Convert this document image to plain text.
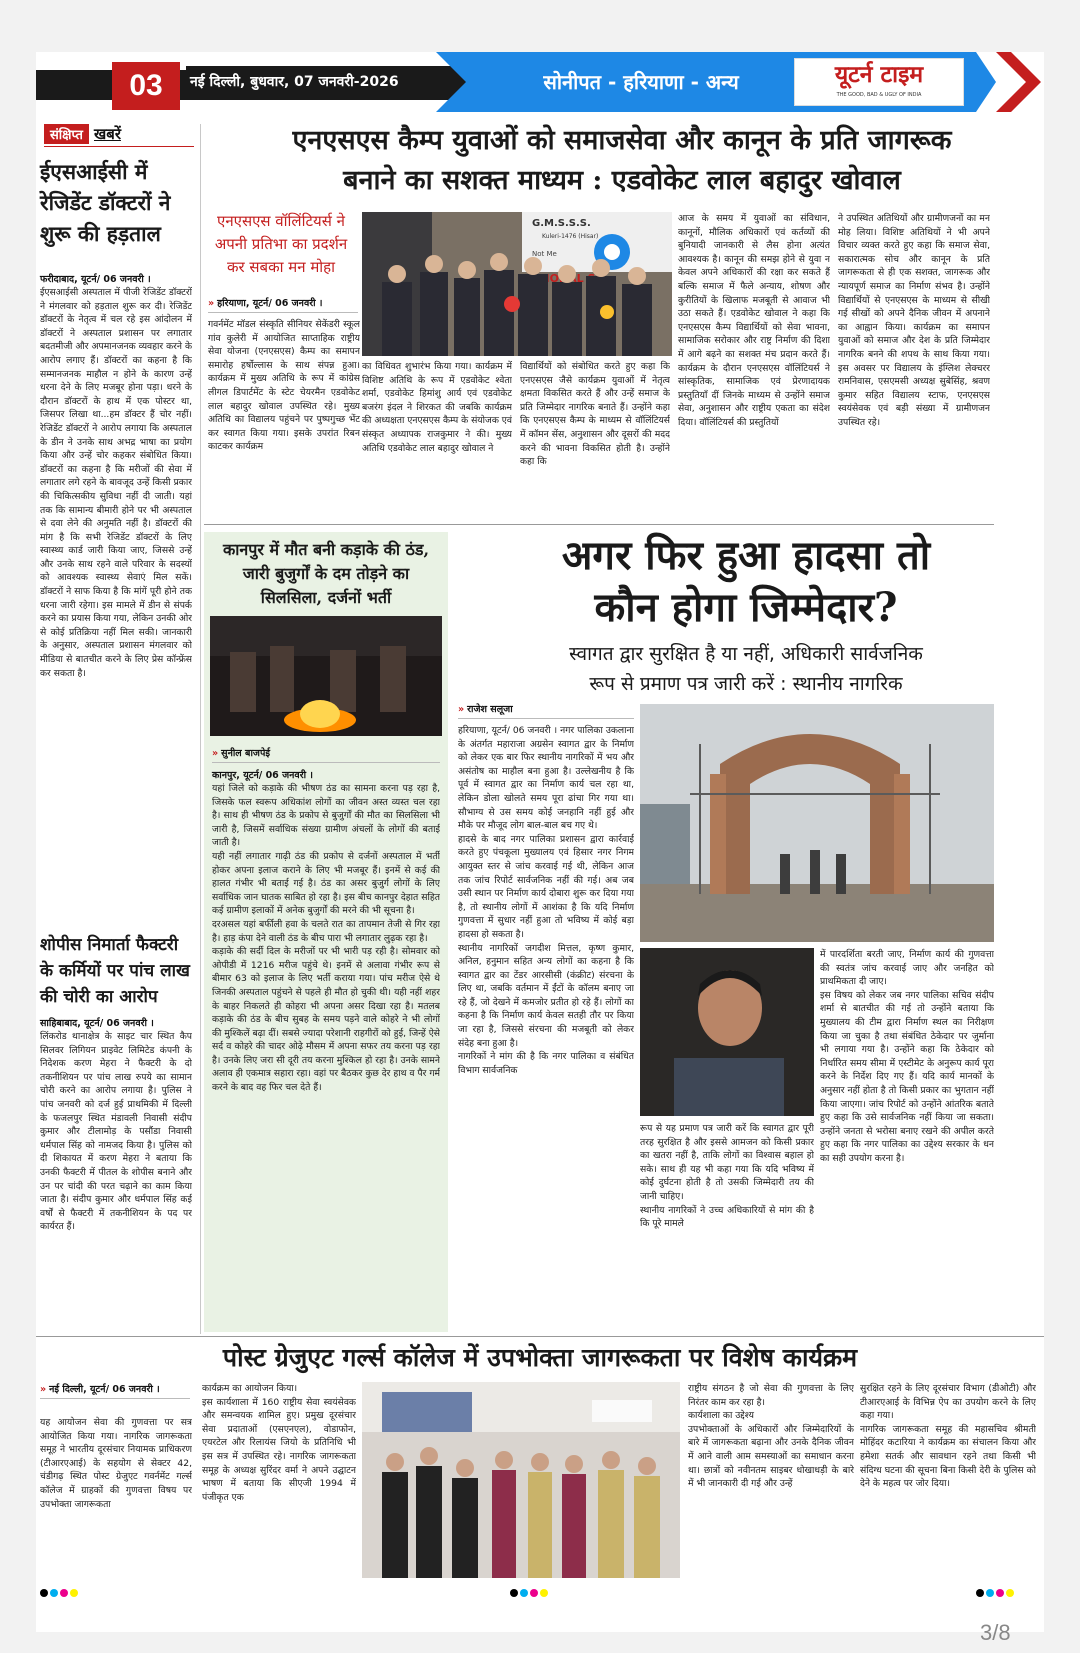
03	नई दिल्ली, बुधवार, 07 जनवरी-2026	सोनीपत - हरियाणा - अन्य	यूटर्न टाइम
THE GOOD, BAD & UGLY OF INDIA
संक्षिप्त खबरें
ईएसआईसी में रेजिडेंट डॉक्टरों ने शुरू की हड़ताल
फरीदाबाद, यूटर्न/ 06 जनवरी ।
ईएसआईसी अस्पताल में पीजी रेजिडेंट डॉक्टरों ने मंगलवार को हड़ताल शुरू कर दी। रेजिडेंट डॉक्टरों के नेतृत्व में चल रहे इस आंदोलन में डॉक्टरों ने अस्पताल प्रशासन पर लगातार बदतमीजी और अपमानजनक व्यवहार करने के आरोप लगाए हैं। डॉक्टरों का कहना है कि सम्मानजनक माहौल न होने के कारण उन्हें धरना देने के लिए मजबूर होना पड़ा। धरने के दौरान डॉक्टरों के हाथ में एक पोस्टर था, जिसपर लिखा था...हम डॉक्टर हैं चोर नहीं। रेजिडेंट डॉक्टरों ने आरोप लगाया कि अस्पताल के डीन ने उनके साथ अभद्र भाषा का प्रयोग किया और उन्हें चोर कहकर संबोधित किया। डॉक्टरों का कहना है कि मरीजों की सेवा में लगातार लगे रहने के बावजूद उन्हें किसी प्रकार की चिकित्सकीय सुविधा नहीं दी जाती। यहां तक कि सामान्य बीमारी होने पर भी अस्पताल से दवा लेने की अनुमति नहीं है। डॉक्टरों की मांग है कि सभी रेजिडेंट डॉक्टरों के लिए स्वास्थ्य कार्ड जारी किया जाए, जिससे उन्हें और उनके साथ रहने वाले परिवार के सदस्यों को आवश्यक स्वास्थ्य सेवाएं मिल सकें। डॉक्टरों ने साफ किया है कि मांगें पूरी होने तक धरना जारी रहेगा। इस मामले में डीन से संपर्क करने का प्रयास किया गया, लेकिन उनकी ओर से कोई प्रतिक्रिया नहीं मिल सकी। जानकारी के अनुसार, अस्पताल प्रशासन मंगलवार को मीडिया से बातचीत करने के लिए प्रेस कॉन्फ्रेंस कर सकता है।
शोपीस निमार्ता फैक्टरी के कर्मियों पर पांच लाख की चोरी का आरोप
साहिबाबाद, यूटर्न/ 06 जनवरी ।
लिंकरोड थानाक्षेत्र के साइट चार स्थित कैप सिलवर लिगियन प्राइवेट लिमिटेड कंपनी के निदेशक करण मेहरा ने फैक्टरी के दो तकनीशियन पर पांच लाख रुपये का सामान चोरी करने का आरोप लगाया है। पुलिस ने पांच जनवरी को दर्ज हुई प्राथमिकी में दिल्ली के फजलपुर स्थित मंडावली निवासी संदीप कुमार और टीलामोड़ के पसौंडा निवासी धर्मपाल सिंह को नामजद किया है। पुलिस को दी शिकायत में करण मेहरा ने बताया कि उनकी फैक्टरी में पीतल के शोपीस बनाने और उन पर चांदी की परत चढ़ाने का काम किया जाता है। संदीप कुमार और धर्मपाल सिंह कई वर्षों से फैक्टरी में तकनीशियन के पद पर कार्यरत हैं।
एनएसएस कैम्प युवाओं को समाजसेवा और कानून के प्रति जागरूक
बनाने का सशक्त माध्यम : एडवोकेट लाल बहादुर खोवाल
एनएसएस वॉलिंटियर्स ने अपनी प्रतिभा का प्रदर्शन कर सबका मन मोहा
» हरियाणा, यूटर्न/ 06 जनवरी ।
गवर्नमेंट मॉडल संस्कृति सीनियर सेकेंडरी स्कूल गांव कुलेरी में आयोजित साप्ताहिक राष्ट्रीय सेवा योजना (एनएसएस) कैम्प का समापन समारोह हर्षोल्लास के साथ संपन्न हुआ। कार्यक्रम में मुख्य अतिथि के रूप में कांग्रेस लीगल डिपार्टमेंट के स्टेट चेयरमैन एडवोकेट लाल बहादुर खोवाल उपस्थित रहे। मुख्य अतिथि का विद्यालय पहुंचने पर पुष्पगुच्छ भेंट कर स्वागत किया गया। इसके उपरांत रिबन काटकर कार्यक्रम
G.M.S.S.S.
Kuleri-1476 (Hisar)
Not Me
का विधिवत शुभारंभ किया गया। कार्यक्रम में विशिष्ट अतिथि के रूप में एडवोकेट श्वेता शर्मा, एडवोकेट हिमांशु आर्य एवं एडवोकेट बजरंग इंदल ने शिरकत की जबकि कार्यक्रम की अध्यक्षता एनएसएस कैम्प के संयोजक एवं संस्कृत अध्यापक राजकुमार ने की। मुख्य अतिथि एडवोकेट लाल बहादुर खोवाल ने
विद्यार्थियों को संबोधित करते हुए कहा कि एनएसएस जैसे कार्यक्रम युवाओं में नेतृत्व क्षमता विकसित करते हैं और उन्हें समाज के प्रति जिम्मेदार नागरिक बनाते हैं। उन्होंने कहा कि एनएसएस कैम्प के माध्यम से वॉलिंटियर्स में कॉमन सेंस, अनुशासन और दूसरों की मदद करने की भावना विकसित होती है। उन्होंने कहा कि
आज के समय में युवाओं का संविधान, कानूनों, मौलिक अधिकारों एवं कर्तव्यों की बुनियादी जानकारी से लैस होना अत्यंत आवश्यक है। कानून की समझ होने से युवा न केवल अपने अधिकारों की रक्षा कर सकते हैं बल्कि समाज में फैले अन्याय, शोषण और कुरीतियों के खिलाफ मजबूती से आवाज भी उठा सकते हैं। एडवोकेट खोवाल ने कहा कि एनएसएस कैम्प विद्यार्थियों को सेवा भावना, सामाजिक सरोकार और राष्ट्र निर्माण की दिशा में आगे बढ़ने का सशक्त मंच प्रदान करते हैं। कार्यक्रम के दौरान एनएसएस वॉलिंटियर्स ने सांस्कृतिक, सामाजिक एवं प्रेरणादायक प्रस्तुतियाँ दीं जिनके माध्यम से उन्होंने समाज सेवा, अनुशासन और राष्ट्रीय एकता का संदेश दिया। वॉलिंटियर्स की प्रस्तुतियों
ने उपस्थित अतिथियों और ग्रामीणजनों का मन मोह लिया। विशिष्ट अतिथियों ने भी अपने विचार व्यक्त करते हुए कहा कि समाज सेवा, सकारात्मक सोच और कानून के प्रति जागरूकता से ही एक सशक्त, जागरूक और न्यायपूर्ण समाज का निर्माण संभव है। उन्होंने विद्यार्थियों से एनएसएस के माध्यम से सीखी गई सीखों को अपने दैनिक जीवन में अपनाने का आह्वान किया। कार्यक्रम का समापन युवाओं को समाज और देश के प्रति जिम्मेदार नागरिक बनने की शपथ के साथ किया गया। इस अवसर पर विद्यालय के इंग्लिश लेक्चरर रामनिवास, एसएमसी अध्यक्ष सुबेसिंह, श्रवण कुमार सहित विद्यालय स्टाफ, एनएसएस स्वयंसेवक एवं बड़ी संख्या में ग्रामीणजन उपस्थित रहे।
कानपुर में मौत बनी कड़ाके की ठंड, जारी बुजुर्गों के दम तोड़ने का सिलसिला, दर्जनों भर्ती
» सुनील बाजपेई
कानपुर, यूटर्न/ 06 जनवरी ।
यहां जिले को कड़ाके की भीषण ठंड का सामना करना पड़ रहा है, जिसके फल स्वरूप अधिकांश लोगों का जीवन अस्त व्यस्त चल रहा है। साथ ही भीषण ठंड के प्रकोप से बुजुर्गों की मौत का सिलसिला भी जारी है, जिसमें सर्वाधिक संख्या ग्रामीण अंचलों के लोगों की बताई जाती है।
यही नहीं लगातार गाढ़ी ठंड की प्रकोप से दर्जनों अस्पताल में भर्ती होकर अपना इलाज कराने के लिए भी मजबूर हैं। इनमें से कई की हालत गंभीर भी बताई गई है। ठंड का असर बुजुर्ग लोगों के लिए सर्वाधिक जान घातक साबित हो रहा है। इस बीच कानपुर देहात सहित कई ग्रामीण इलाकों में अनेक बुजुर्गों की मरने की भी सूचना है।
दरअसल यहां बर्फीली हवा के चलते रात का तापमान तेजी से गिर रहा है। हाड़ कंपा देने वाली ठंड के बीच पारा भी लगातार लुढ़क रहा है।
कड़ाके की सर्दी दिल के मरीजों पर भी भारी पड़ रही है। सोमवार को ओपीडी में 1216 मरीज पहुंचे थे। इनमें से अलावा गंभीर रूप से बीमार 63 को इलाज के लिए भर्ती कराया गया। पांच मरीज ऐसे थे जिनकी अस्पताल पहुंचने से पहले ही मौत हो चुकी थी। यही नहीं शहर के बाहर निकलते ही कोहरा भी अपना असर दिखा रहा है। मतलब कड़ाके की ठंड के बीच सुबह के समय पड़ने वाले कोहरे ने भी लोगों की मुश्किलें बढ़ा दीं। सबसे ज्यादा परेशानी राहगीरों को हुई, जिन्हें ऐसे सर्द व कोहरे की चादर ओढ़े मौसम में अपना सफर तय करना पड़ रहा है। उनके लिए जरा सी दूरी तय करना मुश्किल हो रहा है। उनके सामने अलाव ही एकमात्र सहारा रहा। वहां पर बैठकर कुछ देर हाथ व पैर गर्म करने के बाद वह फिर चल देते हैं।
अगर फिर हुआ हादसा तो
कौन होगा जिम्मेदार?
स्वागत द्वार सुरक्षित है या नहीं, अधिकारी सार्वजनिक
रूप से प्रमाण पत्र जारी करें : स्थानीय नागरिक
» राजेश सलूजा
हरियाणा, यूटर्न/ 06 जनवरी । नगर पालिका उकलाना के अंतर्गत महाराजा अग्रसेन स्वागत द्वार के निर्माण को लेकर एक बार फिर स्थानीय नागरिकों में भय और असंतोष का माहौल बना हुआ है। उल्लेखनीय है कि पूर्व में स्वागत द्वार का निर्माण कार्य चल रहा था, लेकिन डोला खोलते समय पूरा ढांचा गिर गया था। सौभाग्य से उस समय कोई जनहानि नहीं हुई और मौके पर मौजूद लोग बाल-बाल बच गए थे।
हादसे के बाद नगर पालिका प्रशासन द्वारा कार्रवाई करते हुए पंचकूला मुख्यालय एवं हिसार नगर निगम आयुक्त स्तर से जांच करवाई गई थी, लेकिन आज तक जांच रिपोर्ट सार्वजनिक नहीं की गई। अब जब उसी स्थान पर निर्माण कार्य दोबारा शुरू कर दिया गया है, तो स्थानीय लोगों में आशंका है कि यदि निर्माण गुणवत्ता में सुधार नहीं हुआ तो भविष्य में कोई बड़ा हादसा हो सकता है।
स्थानीय नागरिकों जगदीश मित्तल, कृष्ण कुमार, अनिल, हनुमान सहित अन्य लोगों का कहना है कि स्वागत द्वार का टेंडर आरसीसी (कंक्रीट) संरचना के लिए था, जबकि वर्तमान में ईंटों के कॉलम बनाए जा रहे हैं, जो देखने में कमजोर प्रतीत हो रहे हैं। लोगों का कहना है कि निर्माण कार्य केवल सतही तौर पर किया जा रहा है, जिससे संरचना की मजबूती को लेकर संदेह बना हुआ है।
नागरिकों ने मांग की है कि नगर पालिका व संबंधित विभाग सार्वजनिक
रूप से यह प्रमाण पत्र जारी करें कि स्वागत द्वार पूरी तरह सुरक्षित है और इससे आमजन को किसी प्रकार का खतरा नहीं है, ताकि लोगों का विश्वास बहाल हो सके। साथ ही यह भी कहा गया कि यदि भविष्य में कोई दुर्घटना होती है तो उसकी जिम्मेदारी तय की जानी चाहिए।
स्थानीय नागरिकों ने उच्च अधिकारियों से मांग की है कि पूरे मामले
में पारदर्शिता बरती जाए, निर्माण कार्य की गुणवत्ता की स्वतंत्र जांच करवाई जाए और जनहित को प्राथमिकता दी जाए।
इस विषय को लेकर जब नगर पालिका सचिव संदीप शर्मा से बातचीत की गई तो उन्होंने बताया कि मुख्यालय की टीम द्वारा निर्माण स्थल का निरीक्षण किया जा चुका है तथा संबंधित ठेकेदार पर जुर्माना भी लगाया गया है। उन्होंने कहा कि ठेकेदार को निर्धारित समय सीमा में एस्टीमेट के अनुरूप कार्य पूरा करने के निर्देश दिए गए हैं। यदि कार्य मानकों के अनुसार नहीं होता है तो किसी प्रकार का भुगतान नहीं किया जाएगा। जांच रिपोर्ट को उन्होंने आंतरिक बताते हुए कहा कि उसे सार्वजनिक नहीं किया जा सकता। उन्होंने जनता से भरोसा बनाए रखने की अपील करते हुए कहा कि नगर पालिका का उद्देश्य सरकार के धन का सही उपयोग करना है।
पोस्ट ग्रेजुएट गर्ल्स कॉलेज में उपभोक्ता जागरूकता पर विशेष कार्यक्रम
» नई दिल्ली, यूटर्न/ 06 जनवरी ।
यह आयोजन सेवा की गुणवत्ता पर सत्र आयोजित किया गया। नागरिक जागरूकता समूह ने भारतीय दूरसंचार नियामक प्राधिकरण (टीआरएआई) के सहयोग से सेक्टर 42, चंडीगढ़ स्थित पोस्ट ग्रेजुएट गवर्नमेंट गर्ल्स कॉलेज में ग्राहकों की गुणवत्ता विषय पर उपभोक्ता जागरूकता
कार्यक्रम का आयोजन किया।
इस कार्यशाला में 160 राष्ट्रीय सेवा स्वयंसेवक और समन्वयक शामिल हुए। प्रमुख दूरसंचार सेवा प्रदाताओं (एसएनएल), वोडाफोन, एयरटेल और रिलायंस जियो के प्रतिनिधि भी इस सत्र में उपस्थित रहे। नागरिक जागरूकता समूह के अध्यक्ष सुरिंदर वर्मा ने अपने उद्घाटन भाषण में बताया कि सीएजी 1994 में पंजीकृत एक
राष्ट्रीय संगठन है जो सेवा की गुणवत्ता के लिए निरंतर काम कर रहा है।
कार्यशाला का उद्देश्य
उपभोक्ताओं के अधिकारों और जिम्मेदारियों के बारे में जागरूकता बढ़ाना और उनके दैनिक जीवन में आने वाली आम समस्याओं का समाधान करना था। छात्रों को नवीनतम साइबर धोखाधड़ी के बारे में भी जानकारी दी गई और उन्हें
सुरक्षित रहने के लिए दूरसंचार विभाग (डीओटी) और टीआरएआई के विभिन्न ऐप का उपयोग करने के लिए कहा गया।
नागरिक जागरूकता समूह की महासचिव श्रीमती मोहिंदर कटारिया ने कार्यक्रम का संचालन किया और हमेशा सतर्क और सावधान रहने तथा किसी भी संदिग्ध घटना की सूचना बिना किसी देरी के पुलिस को देने के महत्व पर जोर दिया।
3/8
